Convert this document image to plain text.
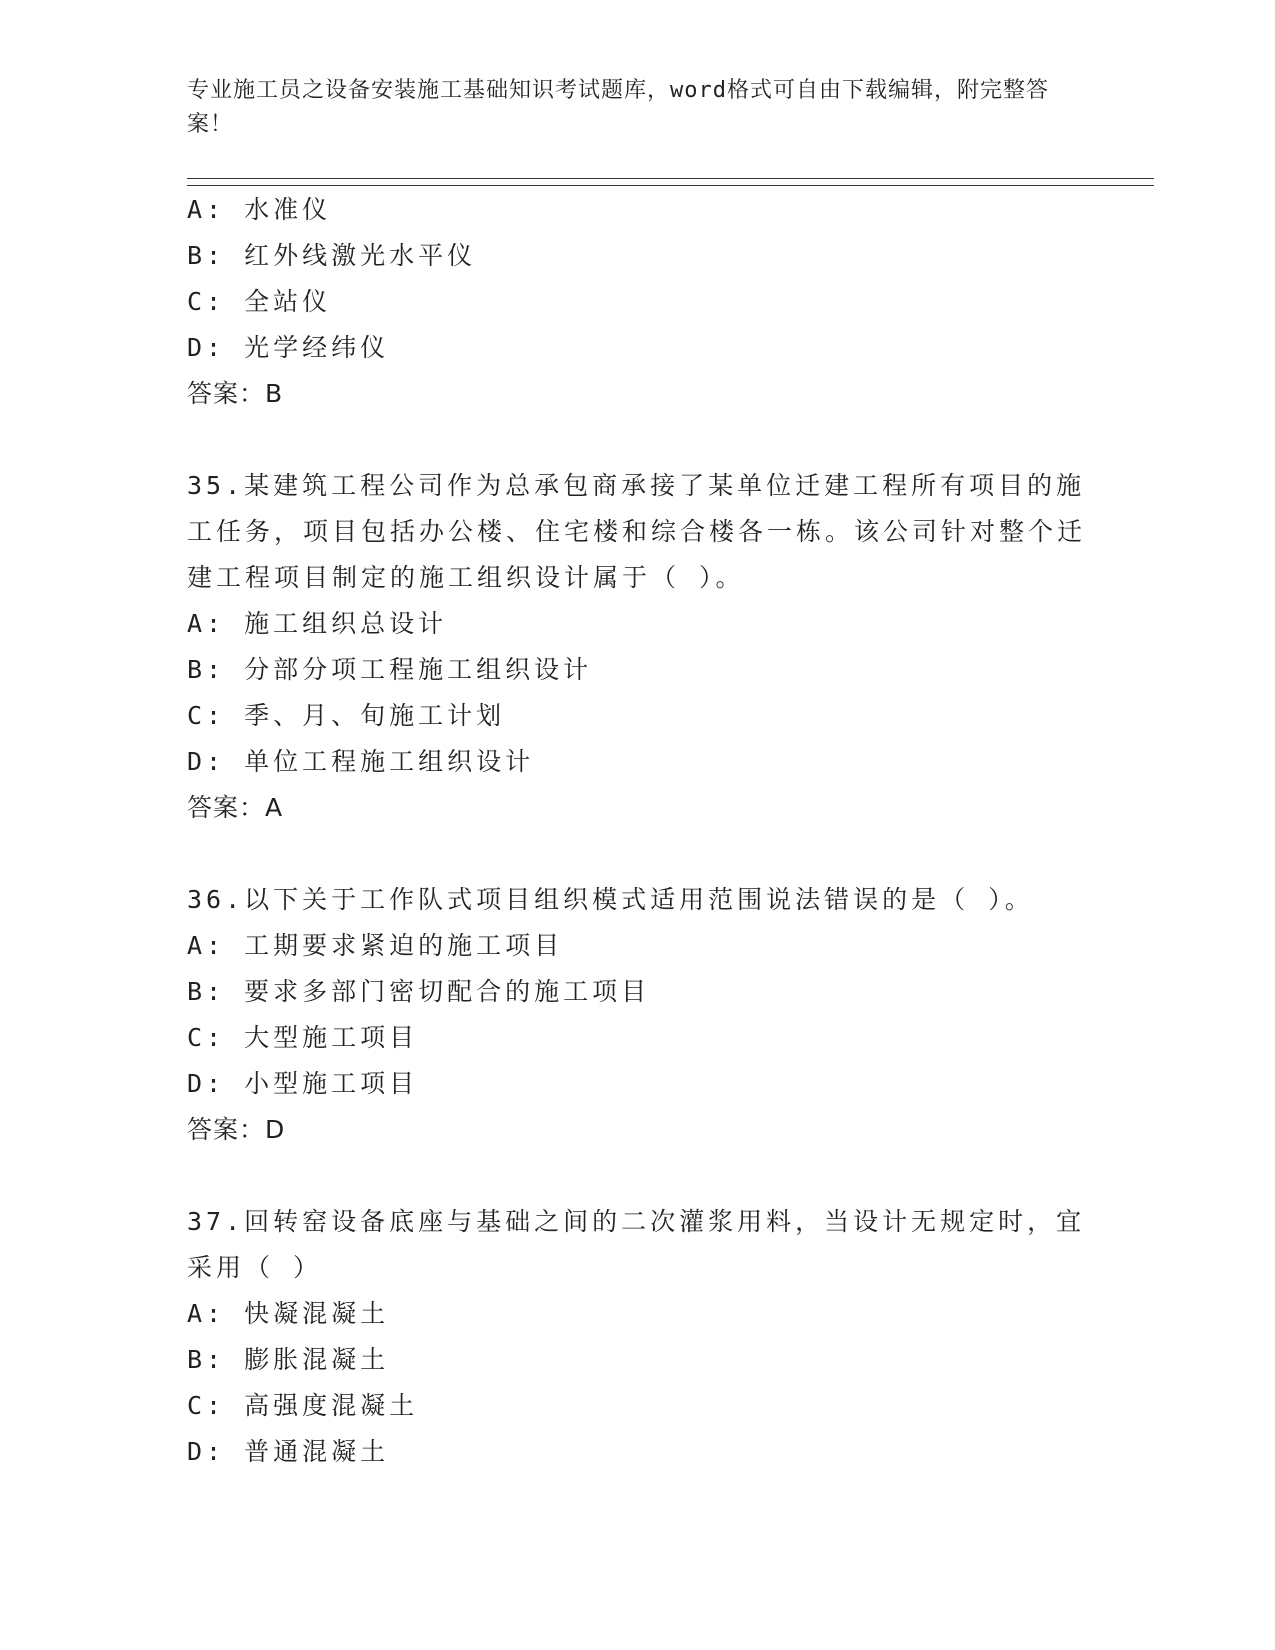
专业施工员之设备安装施工基础知识考试题库，word格式可自由下载编辑，附完整答案！
A: 水准仪
B: 红外线激光水平仪
C: 全站仪
D: 光学经纬仪
答案：B
35.某建筑工程公司作为总承包商承接了某单位迁建工程所有项目的施工任务，项目包括办公楼、住宅楼和综合楼各一栋。该公司针对整个迁建工程项目制定的施工组织设计属于（ ）。
A: 施工组织总设计
B: 分部分项工程施工组织设计
C: 季、月、旬施工计划
D: 单位工程施工组织设计
答案：A
36.以下关于工作队式项目组织模式适用范围说法错误的是（ ）。
A: 工期要求紧迫的施工项目
B: 要求多部门密切配合的施工项目
C: 大型施工项目
D: 小型施工项目
答案：D
37.回转窑设备底座与基础之间的二次灌浆用料，当设计无规定时，宜采用（ ）
A: 快凝混凝土
B: 膨胀混凝土
C: 高强度混凝土
D: 普通混凝土
